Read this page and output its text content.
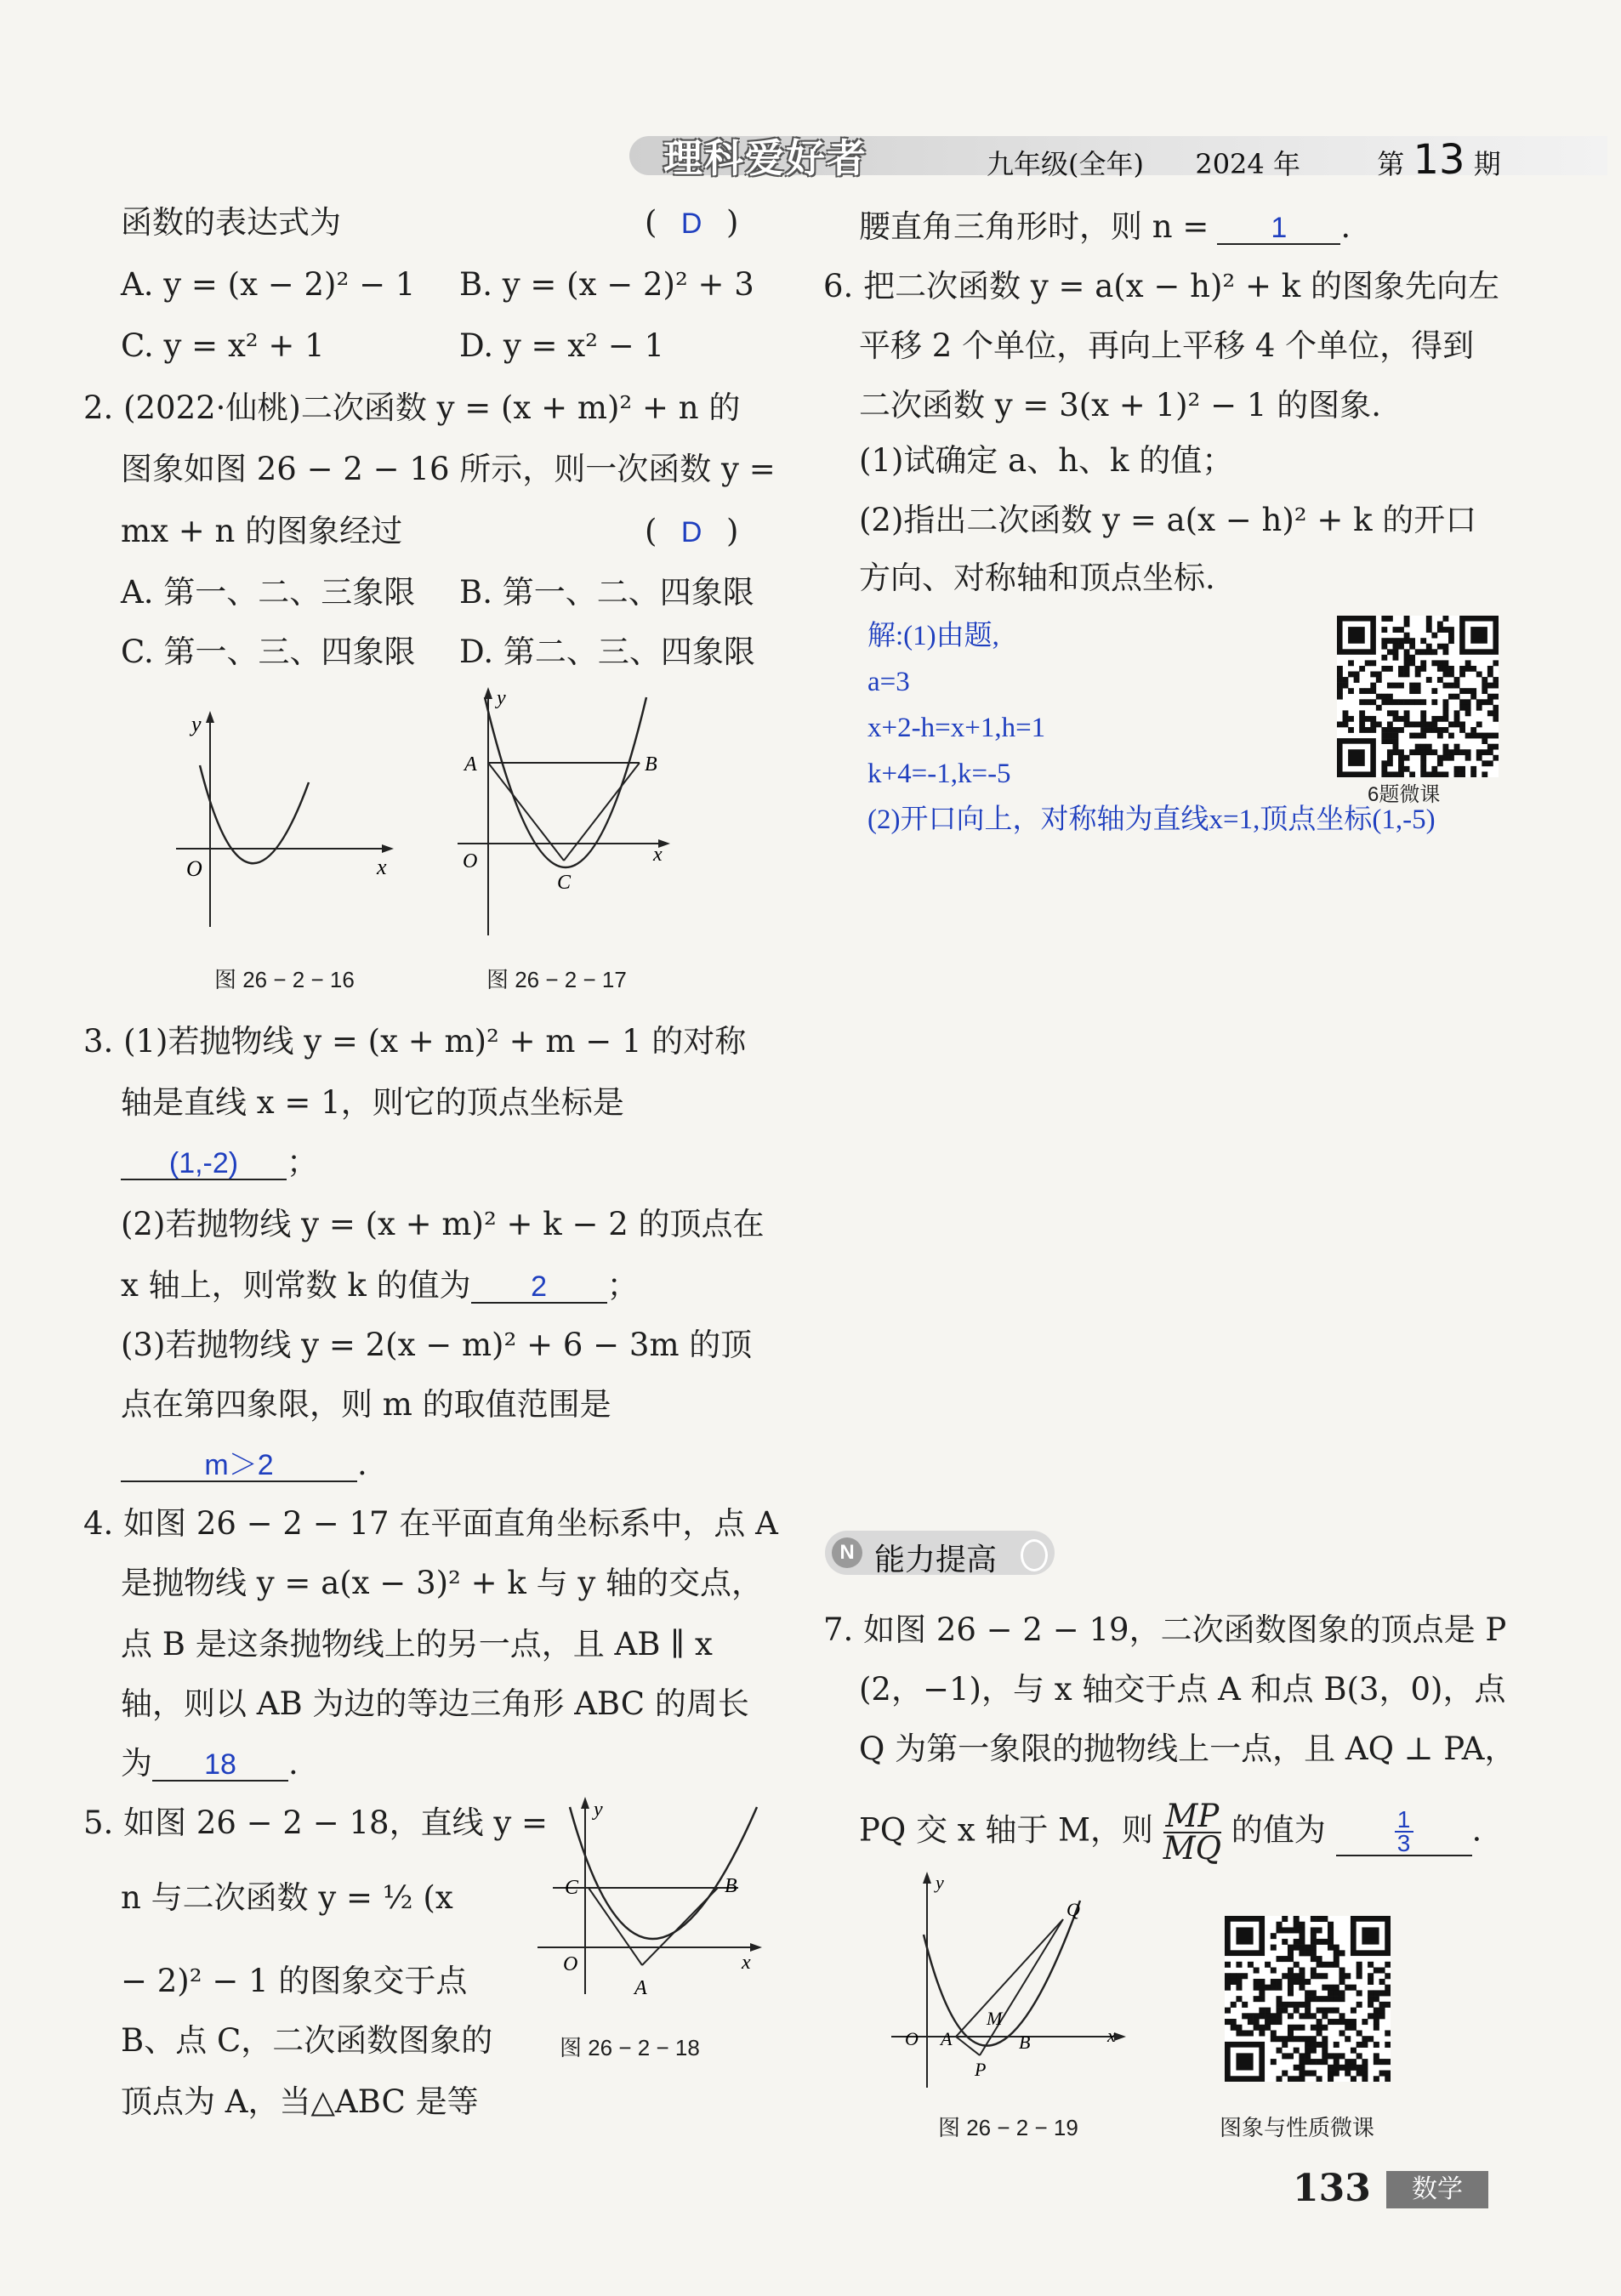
理科爱好者	九年级(全年) 2024 年	第 13 期
函数的表达式为	( D )
A. y = (x − 2)² − 1 B. y = (x − 2)² + 3
C. y = x² + 1	D. y = x² − 1
2. (2022·仙桃)二次函数 y = (x + m)² + n 的
图象如图 26 − 2 − 16 所示，则一次函数 y =
mx + n 的图象经过	( D )
A. 第一、二、三象限 B. 第一、二、四象限
C. 第一、三、四象限 D. 第二、三、四象限
y
x
O
图 26 − 2 − 16
y
x
O
A	B
C
图 26 − 2 − 17
3. (1)若抛物线 y = (x + m)² + m − 1 的对称
轴是直线 x = 1，则它的顶点坐标是
(1,-2) ；
(2)若抛物线 y = (x + m)² + k − 2 的顶点在
x 轴上，则常数 k 的值为 2 ；
(3)若抛物线 y = 2(x − m)² + 6 − 3m 的顶
点在第四象限，则 m 的取值范围是
m＞2	.
4. 如图 26 − 2 − 17 在平面直角坐标系中，点 A
是抛物线 y = a(x − 3)² + k 与 y 轴的交点，
点 B 是这条抛物线上的另一点，且 AB ∥ x
轴，则以 AB 为边的等边三角形 ABC 的周长
为 18 .
5. 如图 26 − 2 − 18，直线 y =
n 与二次函数 y = ½ (x
− 2)² − 1 的图象交于点
B、点 C，二次函数图象的
顶点为 A，当△ABC 是等
y
x
O
C	B
A
图 26 − 2 − 18
腰直角三角形时，则 n = 1 .
6. 把二次函数 y = a(x − h)² + k 的图象先向左
平移 2 个单位，再向上平移 4 个单位，得到
二次函数 y = 3(x + 1)² − 1 的图象.
(1)试确定 a、h、k 的值；
(2)指出二次函数 y = a(x − h)² + k 的开口
方向、对称轴和顶点坐标.
解:(1)由题,
a=3
x+2-h=x+1,h=1
k+4=-1,k=-5
(2)开口向上，对称轴为直线x=1,顶点坐标(1,-5)
6题微课
N 能力提高
7. 如图 26 − 2 − 19，二次函数图象的顶点是 P
(2，−1)，与 x 轴交于点 A 和点 B(3，0)，点
Q 为第一象限的抛物线上一点，且 AQ ⊥ PA，
PQ 交 x 轴于 M，则 $\frac{MP}{MQ}$ 的值为 $\frac{1}{3}$ .
y
x
O A	B
M
P
Q
图 26 − 2 − 19	图象与性质微课
133	数学
